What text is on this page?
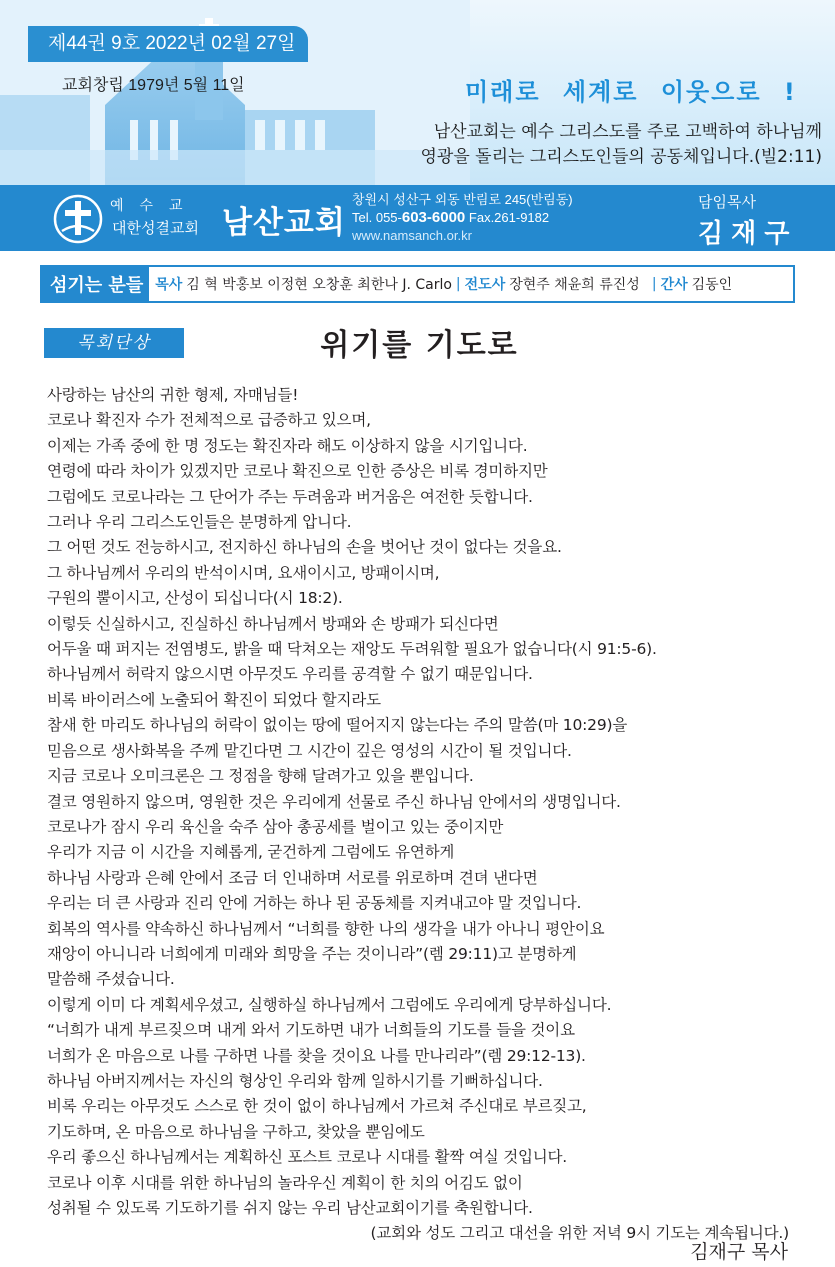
제44권 9호 2022년 02월 27일
교회창립 1979년 5월 11일	미래로 세계로 이웃으로 !
남산교회는 예수 그리스도를 주로 고백하여 하나님께
영광을 돌리는 그리스도인들의 공동체입니다.(빌2:11)
예수교
대한성결교회 남산교회
창원시 성산구 외동 반림로 245(반림동)
Tel. 055-603-6000 Fax.261-9182
www.namsanch.or.kr
담임목사
김재구
섬기는 분들 목사 김 혁 박홍보 이정현 오창훈 최한나 J. Carlo | 전도사 장현주 채윤희 류진성 | 간사 김동인
목회단상	위기를 기도로
사랑하는 남산의 귀한 형제, 자매님들!
코로나 확진자 수가 전체적으로 급증하고 있으며,
이제는 가족 중에 한 명 정도는 확진자라 해도 이상하지 않을 시기입니다.
연령에 따라 차이가 있겠지만 코로나 확진으로 인한 증상은 비록 경미하지만
그럼에도 코로나라는 그 단어가 주는 두려움과 버거움은 여전한 듯합니다.
그러나 우리 그리스도인들은 분명하게 압니다.
그 어떤 것도 전능하시고, 전지하신 하나님의 손을 벗어난 것이 없다는 것을요.
그 하나님께서 우리의 반석이시며, 요새이시고, 방패이시며,
구원의 뿔이시고, 산성이 되십니다(시 18:2).
이렇듯 신실하시고, 진실하신 하나님께서 방패와 손 방패가 되신다면
어두울 때 퍼지는 전염병도, 밝을 때 닥쳐오는 재앙도 두려워할 필요가 없습니다(시 91:5-6).
하나님께서 허락지 않으시면 아무것도 우리를 공격할 수 없기 때문입니다.
비록 바이러스에 노출되어 확진이 되었다 할지라도
참새 한 마리도 하나님의 허락이 없이는 땅에 떨어지지 않는다는 주의 말씀(마 10:29)을
믿음으로 생사화복을 주께 맡긴다면 그 시간이 깊은 영성의 시간이 될 것입니다.
지금 코로나 오미크론은 그 정점을 향해 달려가고 있을 뿐입니다.
결코 영원하지 않으며, 영원한 것은 우리에게 선물로 주신 하나님 안에서의 생명입니다.
코로나가 잠시 우리 육신을 숙주 삼아 총공세를 벌이고 있는 중이지만
우리가 지금 이 시간을 지혜롭게, 굳건하게 그럼에도 유연하게
하나님 사랑과 은혜 안에서 조금 더 인내하며 서로를 위로하며 견뎌 낸다면
우리는 더 큰 사랑과 진리 안에 거하는 하나 된 공동체를 지켜내고야 말 것입니다.
회복의 역사를 약속하신 하나님께서 “너희를 향한 나의 생각을 내가 아나니 평안이요
재앙이 아니니라 너희에게 미래와 희망을 주는 것이니라”(렘 29:11)고 분명하게
말씀해 주셨습니다.
이렇게 이미 다 계획세우셨고, 실행하실 하나님께서 그럼에도 우리에게 당부하십니다.
“너희가 내게 부르짖으며 내게 와서 기도하면 내가 너희들의 기도를 들을 것이요
너희가 온 마음으로 나를 구하면 나를 찾을 것이요 나를 만나리라”(렘 29:12-13).
하나님 아버지께서는 자신의 형상인 우리와 함께 일하시기를 기뻐하십니다.
비록 우리는 아무것도 스스로 한 것이 없이 하나님께서 가르쳐 주신대로 부르짖고,
기도하며, 온 마음으로 하나님을 구하고, 찾았을 뿐임에도
우리 좋으신 하나님께서는 계획하신 포스트 코로나 시대를 활짝 여실 것입니다.
코로나 이후 시대를 위한 하나님의 놀라우신 계획이 한 치의 어김도 없이
성취될 수 있도록 기도하기를 쉬지 않는 우리 남산교회이기를 축원합니다.
(교회와 성도 그리고 대선을 위한 저녁 9시 기도는 계속됩니다.)
김재구 목사
